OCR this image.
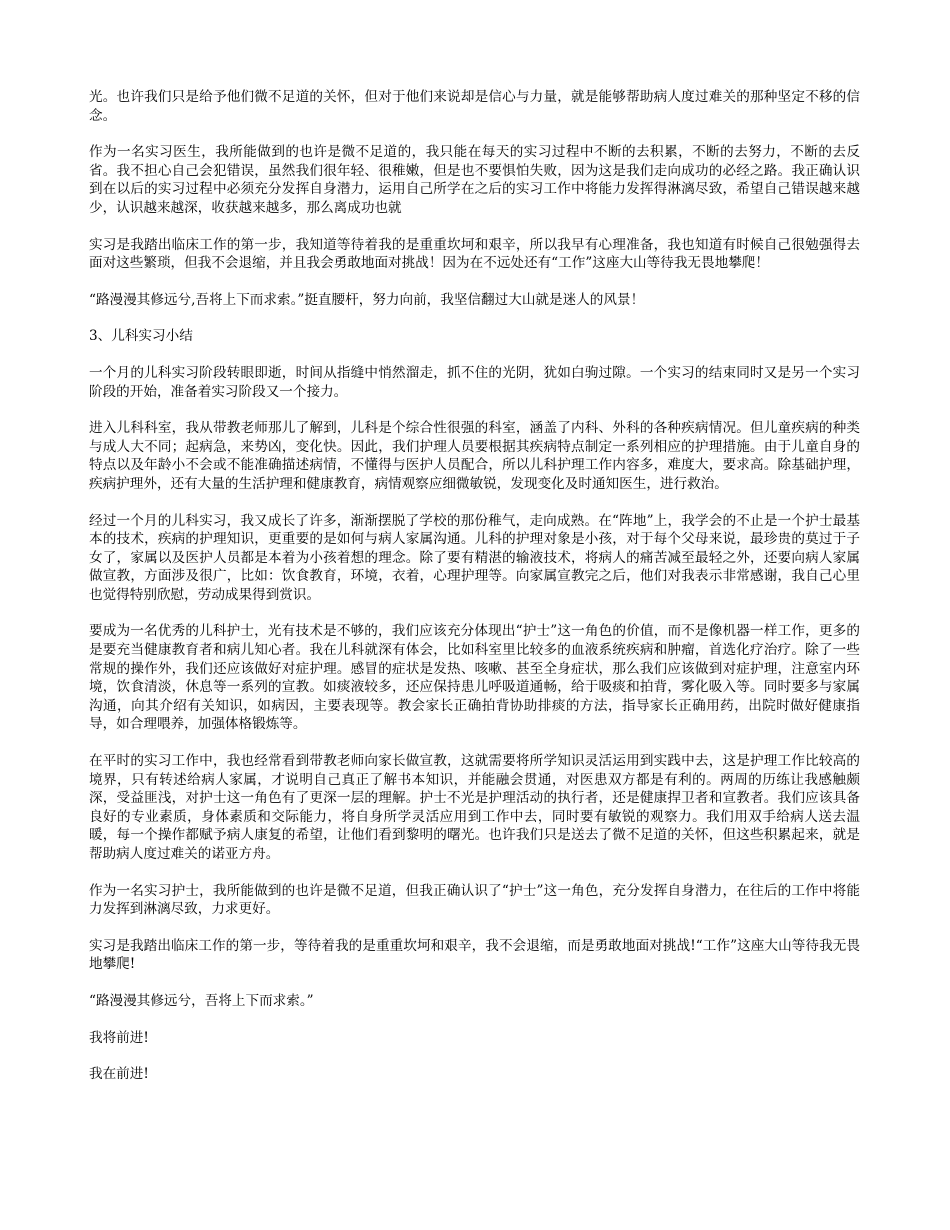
光。也许我们只是给予他们微不足道的关怀，但对于他们来说却是信心与力量，就是能够帮助病人度过难关的那种坚定不移的信念。

作为一名实习医生，我所能做到的也许是微不足道的，我只能在每天的实习过程中不断的去积累，不断的去努力，不断的去反省。我不担心自己会犯错误，虽然我们很年轻、很稚嫩，但是也不要惧怕失败，因为这是我们走向成功的必经之路。我正确认识到在以后的实习过程中必须充分发挥自身潜力，运用自己所学在之后的实习工作中将能力发挥得淋漓尽致，希望自己错误越来越少，认识越来越深，收获越来越多，那么离成功也就

实习是我踏出临床工作的第一步，我知道等待着我的是重重坎坷和艰辛，所以我早有心理准备，我也知道有时候自己很勉强得去面对这些繁琐，但我不会退缩，并且我会勇敢地面对挑战！因为在不远处还有“工作”这座大山等待我无畏地攀爬！

“路漫漫其修远兮,吾将上下而求索。”挺直腰杆，努力向前，我坚信翻过大山就是迷人的风景！

3、儿科实习小结

一个月的儿科实习阶段转眼即逝，时间从指缝中悄然溜走，抓不住的光阴，犹如白驹过隙。一个实习的结束同时又是另一个实习阶段的开始，准备着实习阶段又一个接力。

进入儿科科室，我从带教老师那儿了解到，儿科是个综合性很强的科室，涵盖了内科、外科的各种疾病情况。但儿童疾病的种类与成人大不同；起病急，来势凶，变化快。因此，我们护理人员要根据其疾病特点制定一系列相应的护理措施。由于儿童自身的特点以及年龄小不会或不能准确描述病情，不懂得与医护人员配合，所以儿科护理工作内容多，难度大，要求高。除基础护理，疾病护理外，还有大量的生活护理和健康教育，病情观察应细微敏锐，发现变化及时通知医生，进行救治。

经过一个月的儿科实习，我又成长了许多，渐渐摆脱了学校的那份稚气，走向成熟。在“阵地”上，我学会的不止是一个护士最基本的技术，疾病的护理知识，更重要的是如何与病人家属沟通。儿科的护理对象是小孩，对于每个父母来说，最珍贵的莫过于子女了，家属以及医护人员都是本着为小孩着想的理念。除了要有精湛的输液技术，将病人的痛苦减至最轻之外，还要向病人家属做宣教，方面涉及很广，比如：饮食教育，环境，衣着，心理护理等。向家属宣教完之后，他们对我表示非常感谢，我自己心里也觉得特别欣慰，劳动成果得到赏识。

要成为一名优秀的儿科护士，光有技术是不够的，我们应该充分体现出“护士”这一角色的价值，而不是像机器一样工作，更多的是要充当健康教育者和病儿知心者。我在儿科就深有体会，比如科室里比较多的血液系统疾病和肿瘤，首选化疗治疗。除了一些常规的操作外，我们还应该做好对症护理。感冒的症状是发热、咳嗽、甚至全身症状，那么我们应该做到对症护理，注意室内环境，饮食清淡，休息等一系列的宣教。如痰液较多，还应保持患儿呼吸道通畅，给于吸痰和拍背，雾化吸入等。同时要多与家属沟通，向其介绍有关知识，如病因，主要表现等。教会家长正确拍背协助排痰的方法，指导家长正确用药，出院时做好健康指导，如合理喂养，加强体格锻炼等。

在平时的实习工作中，我也经常看到带教老师向家长做宣教，这就需要将所学知识灵活运用到实践中去，这是护理工作比较高的境界，只有转述给病人家属，才说明自己真正了解书本知识，并能融会贯通，对医患双方都是有利的。两周的历练让我感触颇深，受益匪浅，对护士这一角色有了更深一层的理解。护士不光是护理活动的执行者，还是健康捍卫者和宣教者。我们应该具备良好的专业素质，身体素质和交际能力，将自身所学灵活应用到工作中去，同时要有敏锐的观察力。我们用双手给病人送去温暖，每一个操作都赋予病人康复的希望，让他们看到黎明的曙光。也许我们只是送去了微不足道的关怀，但这些积累起来，就是帮助病人度过难关的诺亚方舟。

作为一名实习护士，我所能做到的也许是微不足道，但我正确认识了“护士”这一角色，充分发挥自身潜力，在往后的工作中将能力发挥到淋漓尽致，力求更好。

实习是我踏出临床工作的第一步，等待着我的是重重坎坷和艰辛，我不会退缩，而是勇敢地面对挑战!“工作”这座大山等待我无畏地攀爬!

“路漫漫其修远兮，吾将上下而求索。”

我将前进!

我在前进!
